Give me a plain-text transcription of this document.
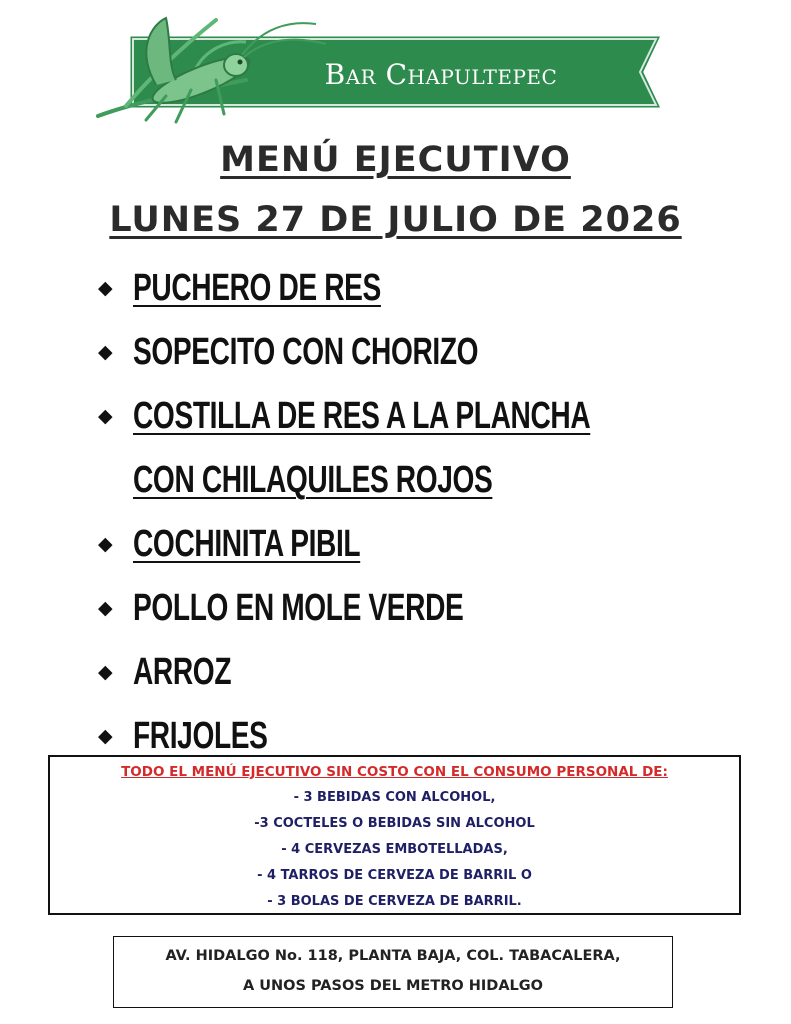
Bar Chapultepec
MENÚ EJECUTIVO
LUNES 27 DE JULIO DE 2026
◆ PUCHERO DE RES
◆ SOPECITO CON CHORIZO
◆ COSTILLA DE RES A LA PLANCHA
CON CHILAQUILES ROJOS
◆ COCHINITA PIBIL
◆ POLLO EN MOLE VERDE
◆ ARROZ
◆ FRIJOLES
TODO EL MENÚ EJECUTIVO SIN COSTO CON EL CONSUMO PERSONAL DE:
- 3 BEBIDAS CON ALCOHOL,
-3 COCTELES O BEBIDAS SIN ALCOHOL
- 4 CERVEZAS EMBOTELLADAS,
- 4 TARROS DE CERVEZA DE BARRIL O
- 3 BOLAS DE CERVEZA DE BARRIL.
AV. HIDALGO No. 118, PLANTA BAJA, COL. TABACALERA,
A UNOS PASOS DEL METRO HIDALGO
